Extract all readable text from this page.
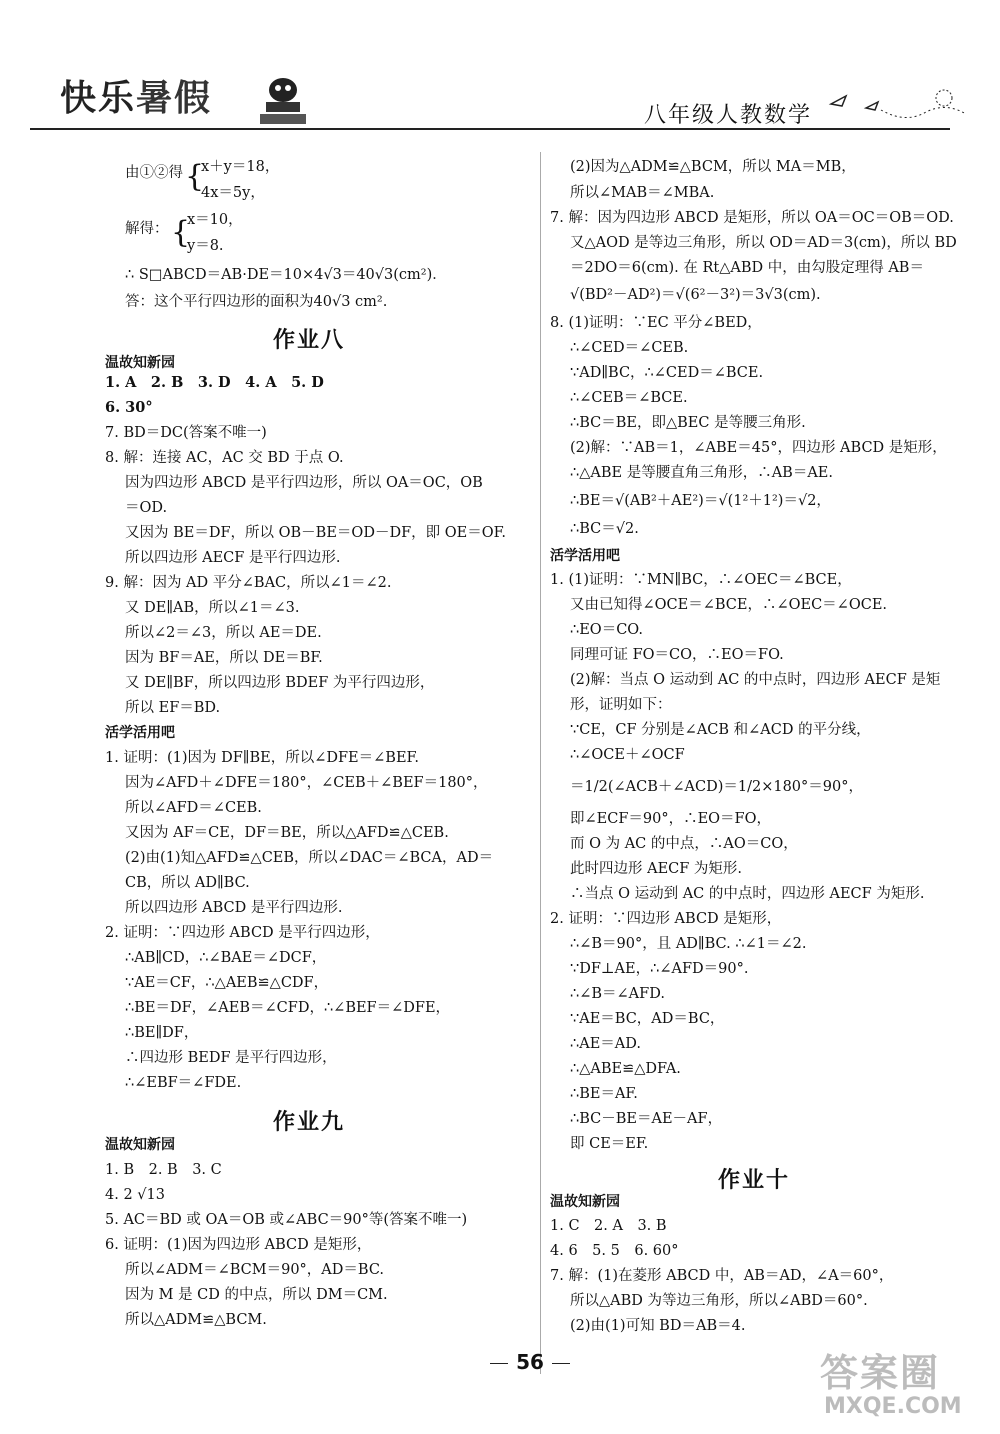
快乐暑假	八年级人教数学
由①②得 {
x＋y＝18，
4x＝5y，
解得： {
x＝10，
y＝8.
∴ S□ABCD＝AB·DE＝10×4√3＝40√3(cm²)．
答：这个平行四边形的面积为40√3 cm².
作业八
温故知新园
1. A　2. B　3. D　4. A　5. D
6. 30°
7. BD＝DC(答案不唯一)
8. 解：连接 AC，AC 交 BD 于点 O.
因为四边形 ABCD 是平行四边形，所以 OA＝OC，OB
＝OD.
又因为 BE＝DF，所以 OB－BE＝OD－DF，即 OE＝OF.
所以四边形 AECF 是平行四边形.
9. 解：因为 AD 平分∠BAC，所以∠1＝∠2.
又 DE∥AB，所以∠1＝∠3.
所以∠2＝∠3，所以 AE＝DE.
因为 BF＝AE，所以 DE＝BF.
又 DE∥BF，所以四边形 BDEF 为平行四边形，
所以 EF＝BD.
活学活用吧
1. 证明：(1)因为 DF∥BE，所以∠DFE＝∠BEF.
因为∠AFD＋∠DFE＝180°，∠CEB＋∠BEF＝180°，
所以∠AFD＝∠CEB.
又因为 AF＝CE，DF＝BE，所以△AFD≌△CEB.
(2)由(1)知△AFD≌△CEB，所以∠DAC＝∠BCA，AD＝
CB，所以 AD∥BC.
所以四边形 ABCD 是平行四边形.
2. 证明：∵四边形 ABCD 是平行四边形，
∴AB∥CD，∴∠BAE＝∠DCF，
∵AE＝CF，∴△AEB≌△CDF，
∴BE＝DF，∠AEB＝∠CFD，∴∠BEF＝∠DFE，
∴BE∥DF，
∴四边形 BEDF 是平行四边形，
∴∠EBF＝∠FDE.
作业九
温故知新园
1. B　2. B　3. C
4. 2 √13
5. AC＝BD 或 OA＝OB 或∠ABC＝90°等(答案不唯一)
6. 证明：(1)因为四边形 ABCD 是矩形，
所以∠ADM＝∠BCM＝90°，AD＝BC.
因为 M 是 CD 的中点，所以 DM＝CM.
所以△ADM≌△BCM.
(2)因为△ADM≌△BCM，所以 MA＝MB，
所以∠MAB＝∠MBA.
7. 解：因为四边形 ABCD 是矩形，所以 OA＝OC＝OB＝OD.
又△AOD 是等边三角形，所以 OD＝AD＝3(cm)，所以 BD
＝2DO＝6(cm). 在 Rt△ABD 中，由勾股定理得 AB＝
√(BD²－AD²)＝√(6²－3²)＝3√3(cm).
8. (1)证明：∵EC 平分∠BED，
∴∠CED＝∠CEB.
∵AD∥BC，∴∠CED＝∠BCE.
∴∠CEB＝∠BCE.
∴BC＝BE，即△BEC 是等腰三角形.
(2)解：∵AB＝1，∠ABE＝45°，四边形 ABCD 是矩形，
∴△ABE 是等腰直角三角形，∴AB＝AE.
∴BE＝√(AB²＋AE²)＝√(1²＋1²)＝√2，
∴BC＝√2.
活学活用吧
1. (1)证明：∵MN∥BC，∴∠OEC＝∠BCE，
又由已知得∠OCE＝∠BCE，∴∠OEC＝∠OCE.
∴EO＝CO.
同理可证 FO＝CO，∴EO＝FO.
(2)解：当点 O 运动到 AC 的中点时，四边形 AECF 是矩
形，证明如下：
∵CE，CF 分别是∠ACB 和∠ACD 的平分线，
∴∠OCE＋∠OCF
＝1/2(∠ACB＋∠ACD)＝1/2×180°＝90°，
即∠ECF＝90°，∴EO＝FO，
而 O 为 AC 的中点，∴AO＝CO，
此时四边形 AECF 为矩形.
∴当点 O 运动到 AC 的中点时，四边形 AECF 为矩形.
2. 证明：∵四边形 ABCD 是矩形，
∴∠B＝90°，且 AD∥BC. ∴∠1＝∠2.
∵DF⊥AE，∴∠AFD＝90°.
∴∠B＝∠AFD.
∵AE＝BC，AD＝BC，
∴AE＝AD.
∴△ABE≌△DFA.
∴BE＝AF.
∴BC－BE＝AE－AF，
即 CE＝EF.
作业十
温故知新园
1. C　2. A　3. B
4. 6　5. 5　6. 60°
7. 解：(1)在菱形 ABCD 中，AB＝AD，∠A＝60°，
所以△ABD 为等边三角形，所以∠ABD＝60°.
(2)由(1)可知 BD＝AB＝4.
56	答案圈
MXQE.COM
